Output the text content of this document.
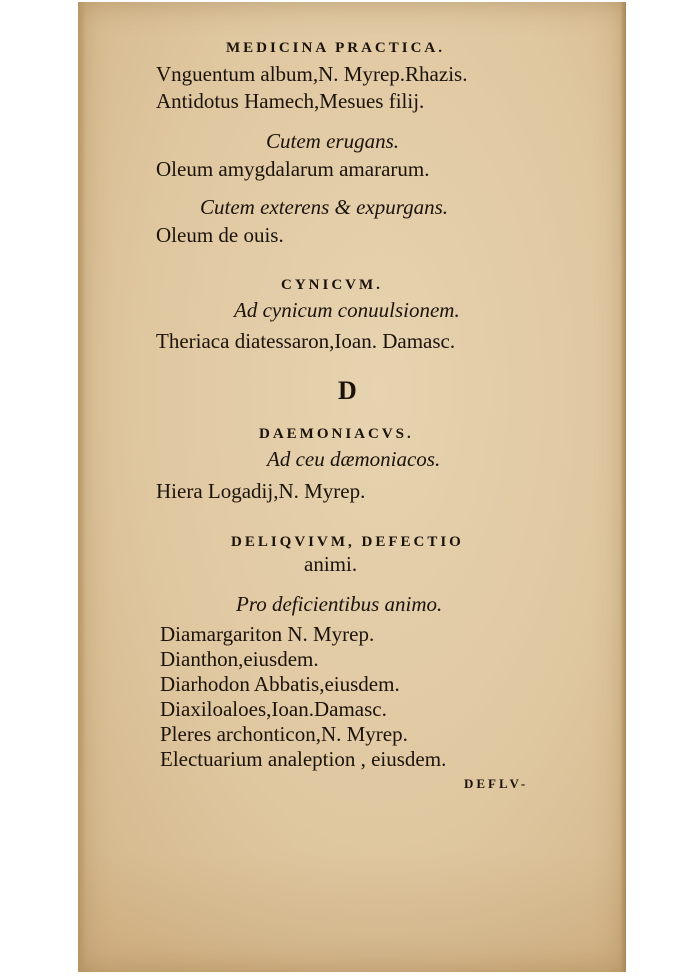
MEDICINA PRACTICA.
Vnguentum album,N. Myrep.Rhazis.
Antidotus Hamech,Mesues filij.
Cutem erugans.
Oleum amygdalarum amararum.
Cutem exterens & expurgans.
Oleum de ouis.
CYNICVM.
Ad cynicum conuulsionem.
Theriaca diatessaron,Ioan. Damasc.
D
DAEMONIACVS.
Ad ceu dæmoniacos.
Hiera Logadij,N. Myrep.
DELIQVIVM, DEFECTIO
animi.
Pro deficientibus animo.
Diamargariton N. Myrep.
Dianthon,eiusdem.
Diarhodon Abbatis,eiusdem.
Diaxiloaloes,Ioan.Damasc.
Pleres archonticon,N. Myrep.
Electuarium analeption , eiusdem.
DEFLV-
